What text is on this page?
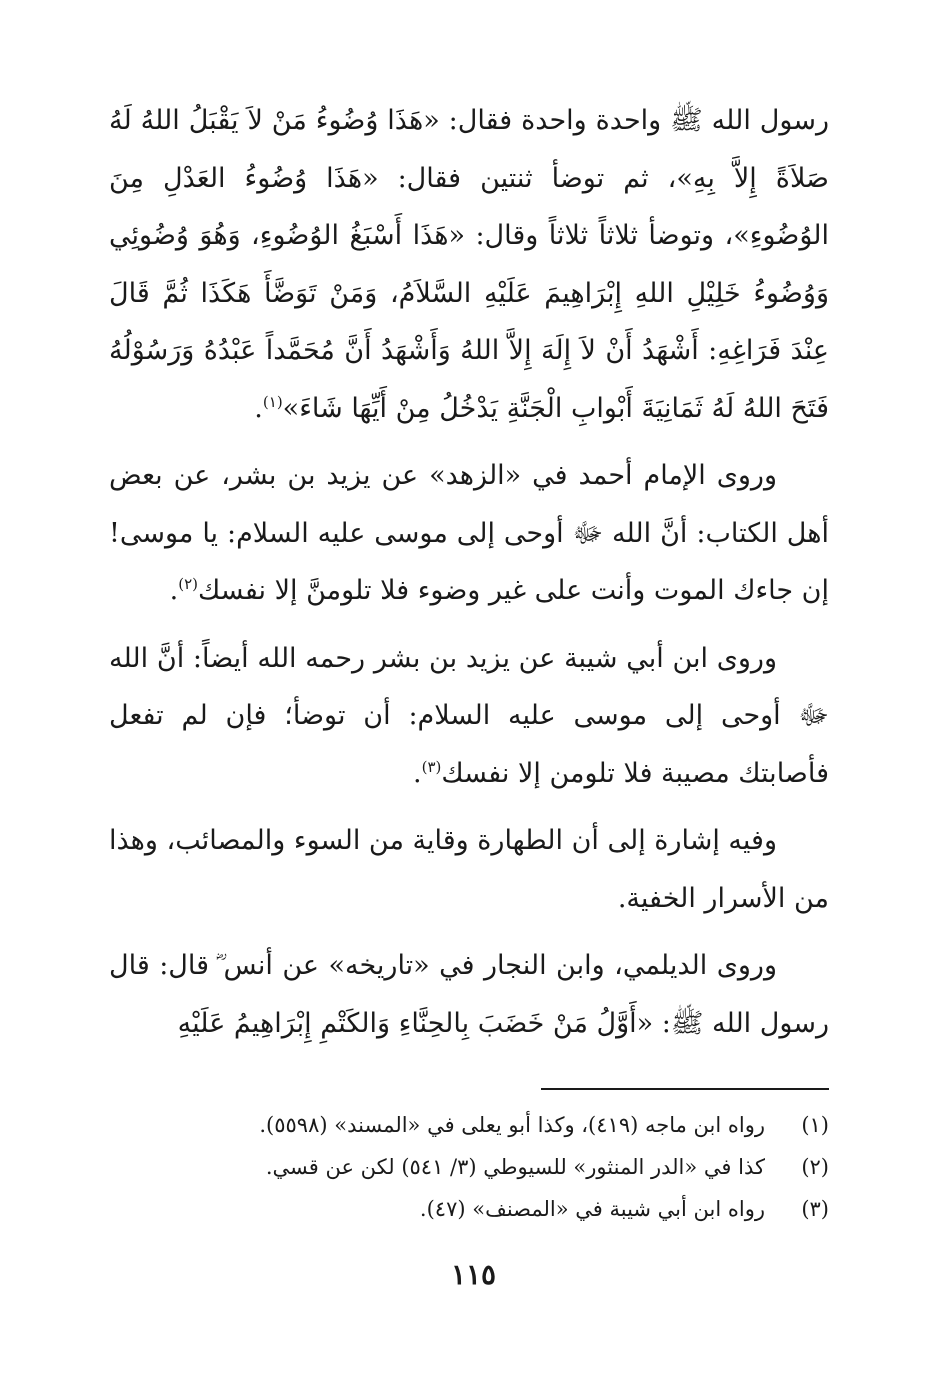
رسول الله ﷺ واحدة واحدة فقال: «هَذَا وُضُوءُ مَنْ لاَ يَقْبَلُ اللهُ لَهُ صَلاَةً إِلاَّ بِهِ»، ثم توضأ ثنتين فقال: «هَذَا وُضُوءُ العَدْلِ مِنَ الوُضُوءِ»، وتوضأ ثلاثاً ثلاثاً وقال: «هَذَا أَسْبَغُ الوُضُوءِ، وَهُوَ وُضُوئِي وَوُضُوءُ خَلِيْلِ اللهِ إِبْرَاهِيمَ عَلَيْهِ السَّلاَمُ، وَمَنْ تَوَضَّأَ هَكَذَا ثُمَّ قَالَ عِنْدَ فَرَاغِهِ: أَشْهَدُ أَنْ لاَ إِلَهَ إِلاَّ اللهُ وَأَشْهَدُ أَنَّ مُحَمَّداً عَبْدُهُ وَرَسُوْلُهُ فَتَحَ اللهُ لَهُ ثَمَانِيَةَ أَبْوابِ الْجَنَّةِ يَدْخُلُ مِنْ أَيِّهَا شَاءَ»$^{(١)}$.

وروى الإمام أحمد في «الزهد» عن يزيد بن بشر، عن بعض أهل الكتاب: أنَّ الله ﷻ أوحى إلى موسى عليه السلام: يا موسى! إن جاءك الموت وأنت على غير وضوء فلا تلومنَّ إلا نفسك$^{(٢)}$.

وروى ابن أبي شيبة عن يزيد بن بشر رحمه الله أيضاً: أنَّ الله ﷻ أوحى إلى موسى عليه السلام: أن توضأ؛ فإن لم تفعل فأصابتك مصيبة فلا تلومن إلا نفسك$^{(٣)}$.

وفيه إشارة إلى أن الطهارة وقاية من السوء والمصائب، وهذا من الأسرار الخفية.

وروى الديلمي، وابن النجار في «تاريخه» عن أنس ؓ قال: قال رسول الله ﷺ: «أَوَّلُ مَنْ خَضَبَ بِالحِنَّاءِ وَالكَتْمِ إِبْرَاهِيمُ عَلَيْهِ

(١)رواه ابن ماجه (٤١٩)، وكذا أبو يعلى في «المسند» (٥٥٩٨).

(٢)كذا في «الدر المنثور» للسيوطي (٣/ ٥٤١) لكن عن قسي.

(٣)رواه ابن أبي شيبة في «المصنف» (٤٧).

١١٥
